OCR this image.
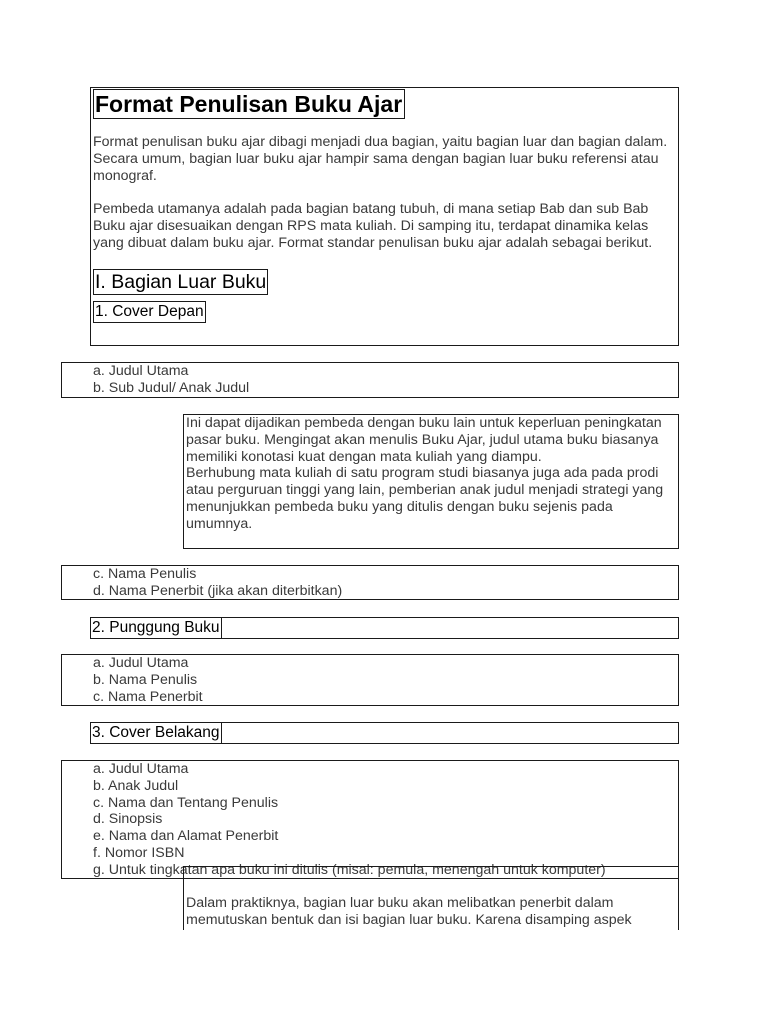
Format Penulisan Buku Ajar

Format penulisan buku ajar dibagi menjadi dua bagian, yaitu bagian luar dan bagian dalam. Secara umum, bagian luar buku ajar hampir sama dengan bagian luar buku referensi atau monograf.

Pembeda utamanya adalah pada bagian batang tubuh, di mana setiap Bab dan sub Bab Buku ajar disesuaikan dengan RPS mata kuliah. Di samping itu, terdapat dinamika kelas yang dibuat dalam buku ajar. Format standar penulisan buku ajar adalah sebagai berikut.

I. Bagian Luar Buku
1. Cover Depan
a. Judul Utama
b. Sub Judul/ Anak Judul

Ini dapat dijadikan pembeda dengan buku lain untuk keperluan peningkatan pasar buku. Mengingat akan menulis Buku Ajar, judul utama buku biasanya memiliki konotasi kuat dengan mata kuliah yang diampu.
Berhubung mata kuliah di satu program studi biasanya juga ada pada prodi atau perguruan tinggi yang lain, pemberian anak judul menjadi strategi yang menunjukkan pembeda buku yang ditulis dengan buku sejenis pada umumnya.

c. Nama Penulis
d. Nama Penerbit (jika akan diterbitkan)
2. Punggung Buku
a. Judul Utama
b. Nama Penulis
c. Nama Penerbit
3. Cover Belakang
a. Judul Utama
b. Anak Judul
c. Nama dan Tentang Penulis
d. Sinopsis
e. Nama dan Alamat Penerbit
f. Nomor ISBN
g. Untuk tingkatan apa buku ini ditulis (misal: pemula, menengah untuk komputer)

Dalam praktiknya, bagian luar buku akan melibatkan penerbit dalam memutuskan bentuk dan isi bagian luar buku. Karena disamping aspek
